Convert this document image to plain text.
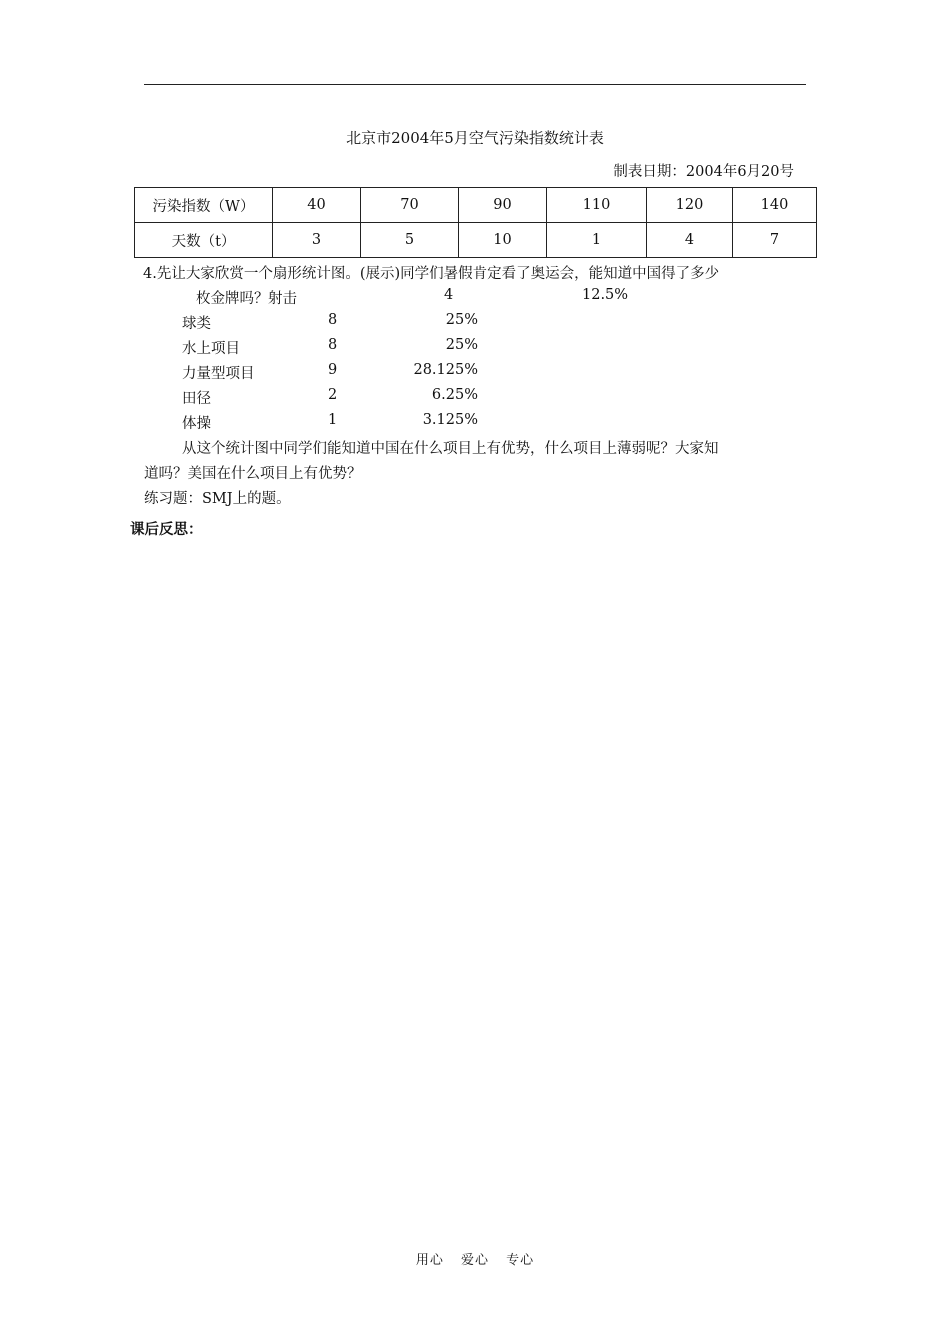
北京市2004年5月空气污染指数统计表
制表日期：2004年6月20号
污染指数（W）	40	70	90	110	120	140
天数（t）	3	5	10	1	4	7
4.先让大家欣赏一个扇形统计图。(展示)同学们暑假肯定看了奥运会，能知道中国得了多少
枚金牌吗？ 射击	4	12.5%
球类	8	25%
水上项目	8	25%
力量型项目	9	28.125%
田径	2	6.25%
体操	1	3.125%
从这个统计图中同学们能知道中国在什么项目上有优势，什么项目上薄弱呢？大家知
道吗？美国在什么项目上有优势？
练习题：SMJ上的题。
课后反思：
用心 爱心 专心
